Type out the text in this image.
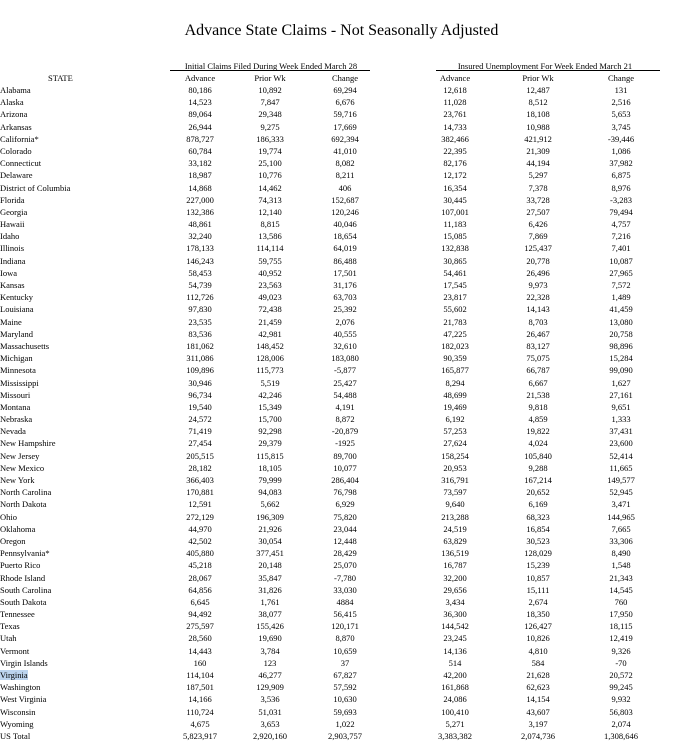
Advance State Claims - Not Seasonally Adjusted
Initial Claims Filed During Week Ended March 28	Insured Unemployment For Week Ended March 21
STATE	Advance	Prior Wk	Change	Advance	Prior Wk	Change
Alabama	80,186		10,892		69,294		12,618		12,487		131	
Alaska	14,523		7,847		6,676		11,028		8,512		2,516	
Arizona	89,064		29,348		59,716		23,761		18,108		5,653	
Arkansas	26,944		9,275		17,669		14,733		10,988		3,745	
California*	878,727		186,333		692,394		382,466		421,912		-39,446	
Colorado	60,784		19,774		41,010		22,395		21,309		1,086	
Connecticut	33,182		25,100		8,082		82,176		44,194		37,982	
Delaware	18,987		10,776		8,211		12,172		5,297		6,875	
District of Columbia	14,868		14,462		406		16,354		7,378		8,976	
Florida	227,000		74,313		152,687		30,445		33,728		-3,283	
Georgia	132,386		12,140		120,246		107,001		27,507		79,494	
Hawaii	48,861		8,815		40,046		11,183		6,426		4,757	
Idaho	32,240		13,586		18,654		15,085		7,869		7,216	
Illinois	178,133		114,114		64,019		132,838		125,437		7,401	
Indiana	146,243		59,755		86,488		30,865		20,778		10,087	
Iowa	58,453		40,952		17,501		54,461		26,496		27,965	
Kansas	54,739		23,563		31,176		17,545		9,973		7,572	
Kentucky	112,726		49,023		63,703		23,817		22,328		1,489	
Louisiana	97,830		72,438		25,392		55,602		14,143		41,459	
Maine	23,535		21,459		2,076		21,783		8,703		13,080	
Maryland	83,536		42,981		40,555		47,225		26,467		20,758	
Massachusetts	181,062		148,452		32,610		182,023		83,127		98,896	
Michigan	311,086		128,006		183,080		90,359		75,075		15,284	
Minnesota	109,896		115,773		-5,877		165,877		66,787		99,090	
Mississippi	30,946		5,519		25,427		8,294		6,667		1,627	
Missouri	96,734		42,246		54,488		48,699		21,538		27,161	
Montana	19,540		15,349		4,191		19,469		9,818		9,651	
Nebraska	24,572		15,700		8,872		6,192		4,859		1,333	
Nevada	71,419		92,298		-20,879		57,253		19,822		37,431	
New Hampshire	27,454		29,379		-1925		27,624		4,024		23,600	
New Jersey	205,515		115,815		89,700		158,254		105,840		52,414	
New Mexico	28,182		18,105		10,077		20,953		9,288		11,665	
New York	366,403		79,999		286,404		316,791		167,214		149,577	
North Carolina	170,881		94,083		76,798		73,597		20,652		52,945	
North Dakota	12,591		5,662		6,929		9,640		6,169		3,471	
Ohio	272,129		196,309		75,820		213,288		68,323		144,965	
Oklahoma	44,970		21,926		23,044		24,519		16,854		7,665	
Oregon	42,502		30,054		12,448		63,829		30,523		33,306	
Pennsylvania*	405,880		377,451		28,429		136,519		128,029		8,490	
Puerto Rico	45,218		20,148		25,070		16,787		15,239		1,548	
Rhode Island	28,067		35,847		-7,780		32,200		10,857		21,343	
South Carolina	64,856		31,826		33,030		29,656		15,111		14,545	
South Dakota	6,645		1,761		4884		3,434		2,674		760	
Tennessee	94,492		38,077		56,415		36,300		18,350		17,950	
Texas	275,597		155,426		120,171		144,542		126,427		18,115	
Utah	28,560		19,690		8,870		23,245		10,826		12,419	
Vermont	14,443		3,784		10,659		14,136		4,810		9,326	
Virgin Islands	160		123		37		514		584		-70	
Virginia	114,104		46,277		67,827		42,200		21,628		20,572	
Washington	187,501		129,909		57,592		161,868		62,623		99,245	
West Virginia	14,166		3,536		10,630		24,086		14,154		9,932	
Wisconsin	110,724		51,031		59,693		100,410		43,607		56,803	
Wyoming	4,675		3,653		1,022		5,271		3,197		2,074	
US Total	5,823,917		2,920,160		2,903,757		3,383,382		2,074,736		1,308,646	
